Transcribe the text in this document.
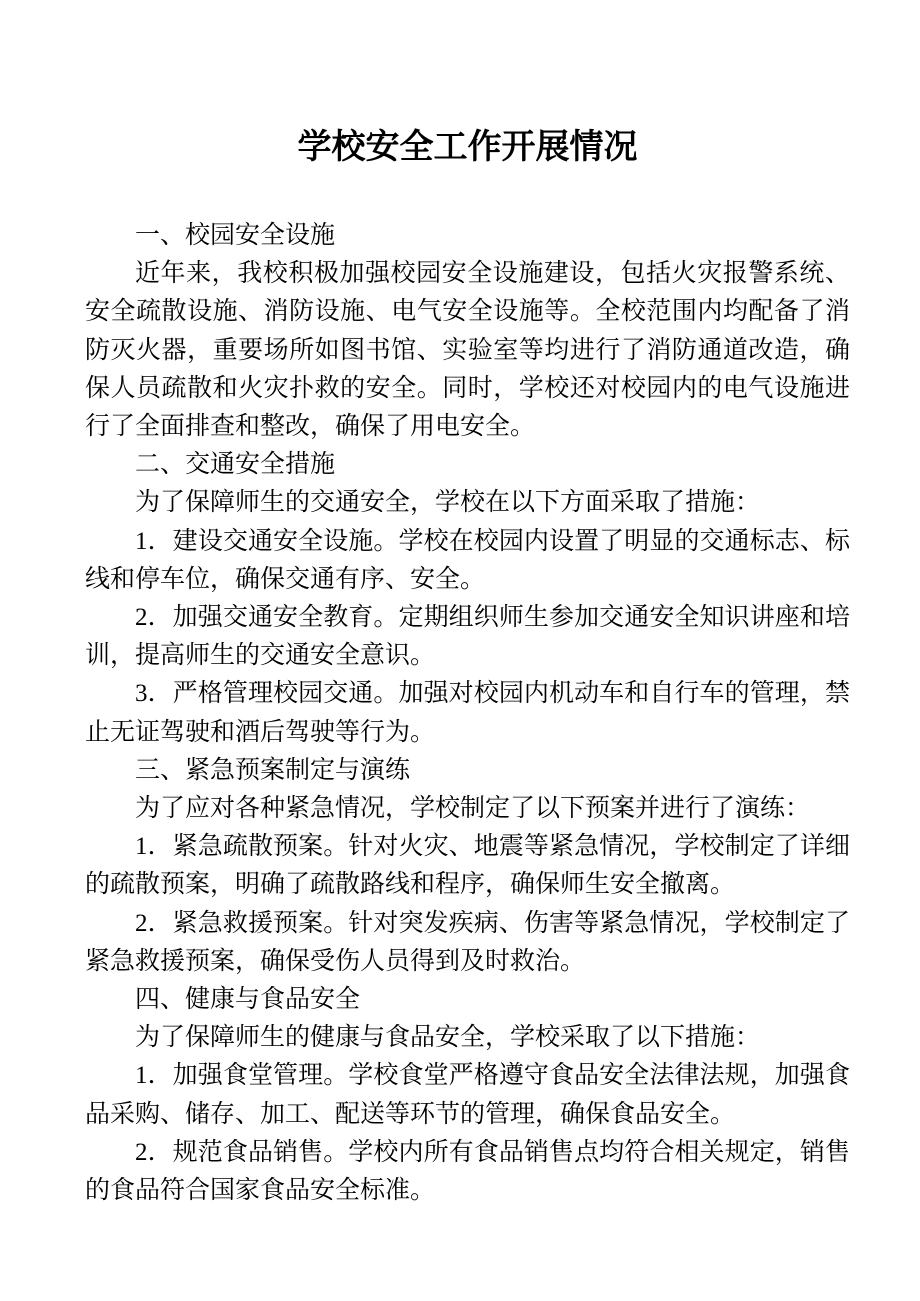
学校安全工作开展情况

一、校园安全设施

近年来，我校积极加强校园安全设施建设，包括火灾报警系统、安全疏散设施、消防设施、电气安全设施等。全校范围内均配备了消防灭火器，重要场所如图书馆、实验室等均进行了消防通道改造，确保人员疏散和火灾扑救的安全。同时，学校还对校园内的电气设施进行了全面排查和整改，确保了用电安全。

二、交通安全措施

为了保障师生的交通安全，学校在以下方面采取了措施：

1．建设交通安全设施。学校在校园内设置了明显的交通标志、标线和停车位，确保交通有序、安全。

2．加强交通安全教育。定期组织师生参加交通安全知识讲座和培训，提高师生的交通安全意识。

3．严格管理校园交通。加强对校园内机动车和自行车的管理，禁止无证驾驶和酒后驾驶等行为。

三、紧急预案制定与演练

为了应对各种紧急情况，学校制定了以下预案并进行了演练：

1．紧急疏散预案。针对火灾、地震等紧急情况，学校制定了详细的疏散预案，明确了疏散路线和程序，确保师生安全撤离。

2．紧急救援预案。针对突发疾病、伤害等紧急情况，学校制定了紧急救援预案，确保受伤人员得到及时救治。

四、健康与食品安全

为了保障师生的健康与食品安全，学校采取了以下措施：

1．加强食堂管理。学校食堂严格遵守食品安全法律法规，加强食品采购、储存、加工、配送等环节的管理，确保食品安全。

2．规范食品销售。学校内所有食品销售点均符合相关规定，销售的食品符合国家食品安全标准。
